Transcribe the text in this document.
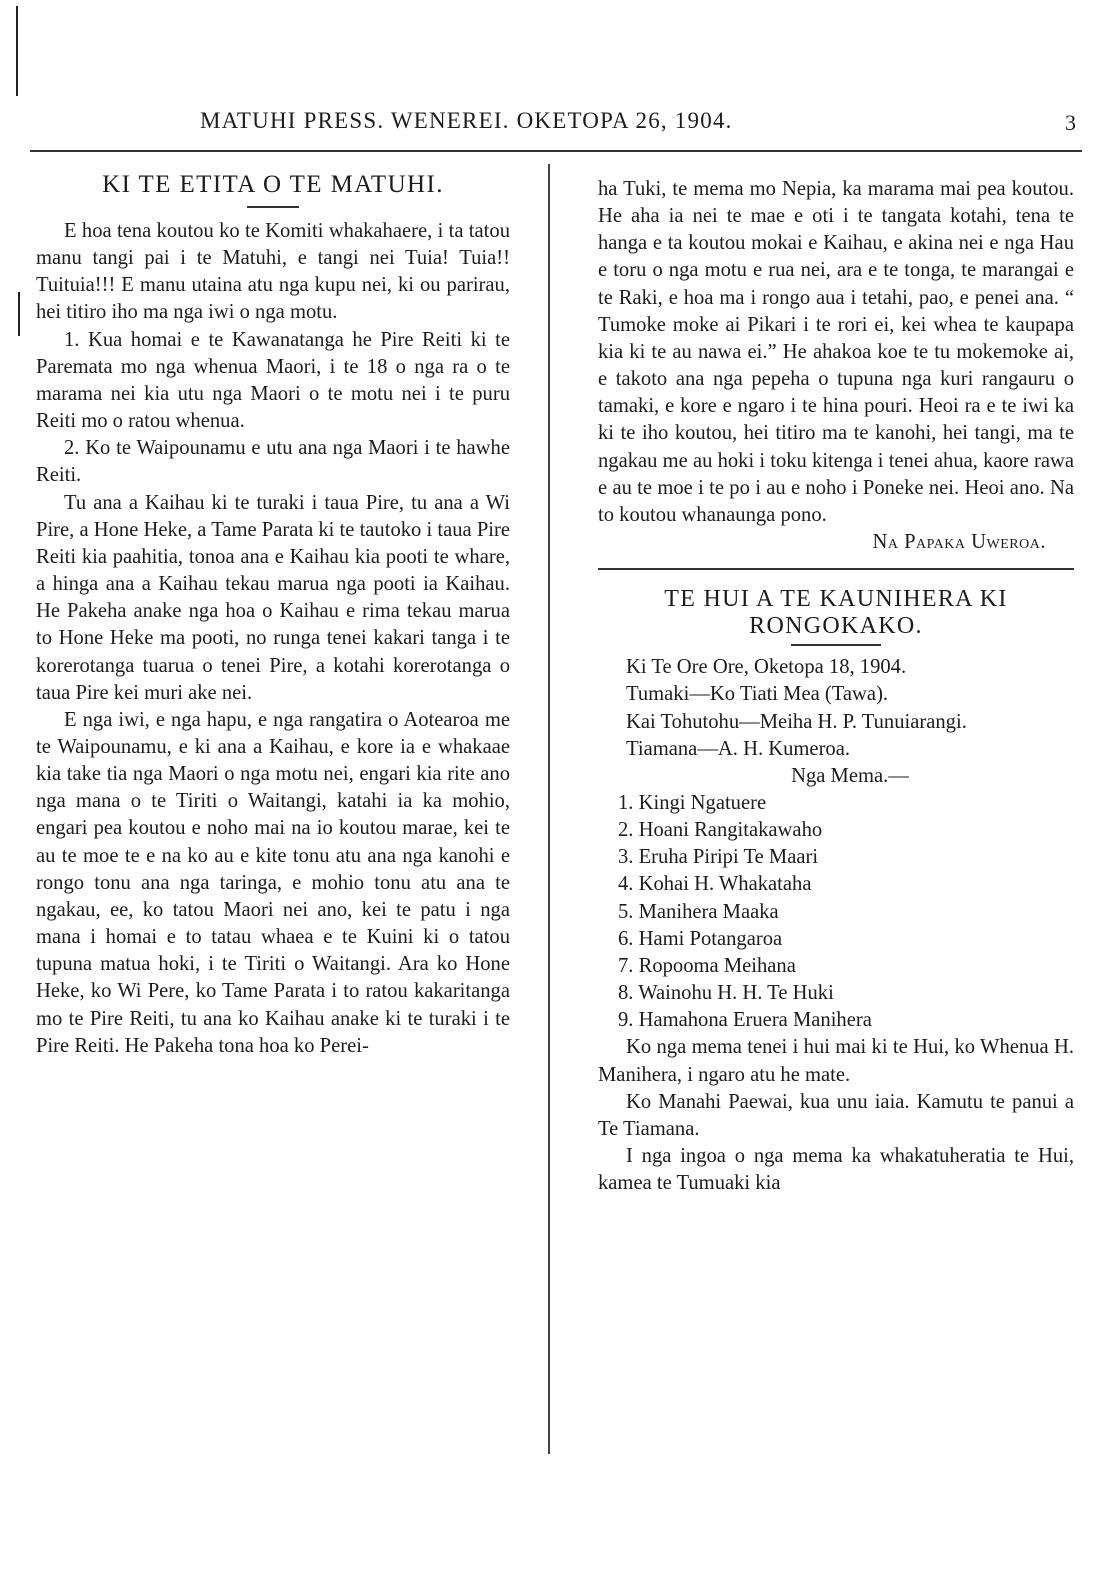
MATUHI PRESS. WENEREI. OKETOPA 26, 1904.	3
KI TE ETITA O TE MATUHI.

E hoa tena koutou ko te Komiti whakahaere, i ta tatou manu tangi pai i te Matuhi, e tangi nei Tuia! Tuia!! Tuituia!!! E manu utaina atu nga kupu nei, ki ou parirau, hei titiro iho ma nga iwi o nga motu.

1. Kua homai e te Kawanatanga he Pire Reiti ki te Paremata mo nga whenua Maori, i te 18 o nga ra o te marama nei kia utu nga Maori o te motu nei i te puru Reiti mo o ratou whenua.

2. Ko te Waipounamu e utu ana nga Maori i te hawhe Reiti.

Tu ana a Kaihau ki te turaki i taua Pire, tu ana a Wi Pire, a Hone Heke, a Tame Parata ki te tautoko i taua Pire Reiti kia paahitia, tonoa ana e Kaihau kia pooti te whare, a hinga ana a Kaihau tekau marua nga pooti ia Kaihau. He Pakeha anake nga hoa o Kaihau e rima tekau marua to Hone Heke ma pooti, no runga tenei kakari tanga i te korerotanga tuarua o tenei Pire, a kotahi korerotanga o taua Pire kei muri ake nei.

E nga iwi, e nga hapu, e nga rangatira o Aotearoa me te Waipounamu, e ki ana a Kaihau, e kore ia e whakaae kia take tia nga Maori o nga motu nei, engari kia rite ano nga mana o te Tiriti o Waitangi, katahi ia ka mohio, engari pea koutou e noho mai na io koutou marae, kei te au te moe te e na ko au e kite tonu atu ana nga kanohi e rongo tonu ana nga taringa, e mohio tonu atu ana te ngakau, ee, ko tatou Maori nei ano, kei te patu i nga mana i homai e to tatau whaea e te Kuini ki o tatou tupuna matua hoki, i te Tiriti o Waitangi. Ara ko Hone Heke, ko Wi Pere, ko Tame Parata i to ratou kakaritanga mo te Pire Reiti, tu ana ko Kaihau anake ki te turaki i te Pire Reiti. He Pakeha tona hoa ko Perei-

ha Tuki, te mema mo Nepia, ka marama mai pea koutou. He aha ia nei te mae e oti i te tangata kotahi, tena te hanga e ta koutou mokai e Kaihau, e akina nei e nga Hau e toru o nga motu e rua nei, ara e te tonga, te marangai e te Raki, e hoa ma i rongo aua i tetahi, pao, e penei ana. “ Tumoke moke ai Pikari i te rori ei, kei whea te kaupapa kia ki te au nawa ei.” He ahakoa koe te tu mokemoke ai, e takoto ana nga pepeha o tupuna nga kuri rangauru o tamaki, e kore e ngaro i te hina pouri. Heoi ra e te iwi ka ki te iho koutou, hei titiro ma te kanohi, hei tangi, ma te ngakau me au hoki i toku kitenga i tenei ahua, kaore rawa e au te moe i te po i au e noho i Poneke nei. Heoi ano. Na to koutou whanaunga pono.

Na Papaka Uweroa.

TE HUI A TE KAUNIHERA KI RONGOKAKO.

Ki Te Ore Ore, Oketopa 18, 1904.

Tumaki—Ko Tiati Mea (Tawa).

Kai Tohutohu—Meiha H. P. Tunuiarangi.

Tiamana—A. H. Kumeroa.

Nga Mema.—

1. Kingi Ngatuere
2. Hoani Rangitakawaho
3. Eruha Piripi Te Maari
4. Kohai H. Whakataha
5. Manihera Maaka
6. Hami Potangaroa
7. Ropooma Meihana
8. Wainohu H. H. Te Huki
9. Hamahona Eruera Manihera

Ko nga mema tenei i hui mai ki te Hui, ko Whenua H. Manihera, i ngaro atu he mate.

Ko Manahi Paewai, kua unu iaia. Kamutu te panui a Te Tiamana.

I nga ingoa o nga mema ka whakatuheratia te Hui, kamea te Tumuaki kia
